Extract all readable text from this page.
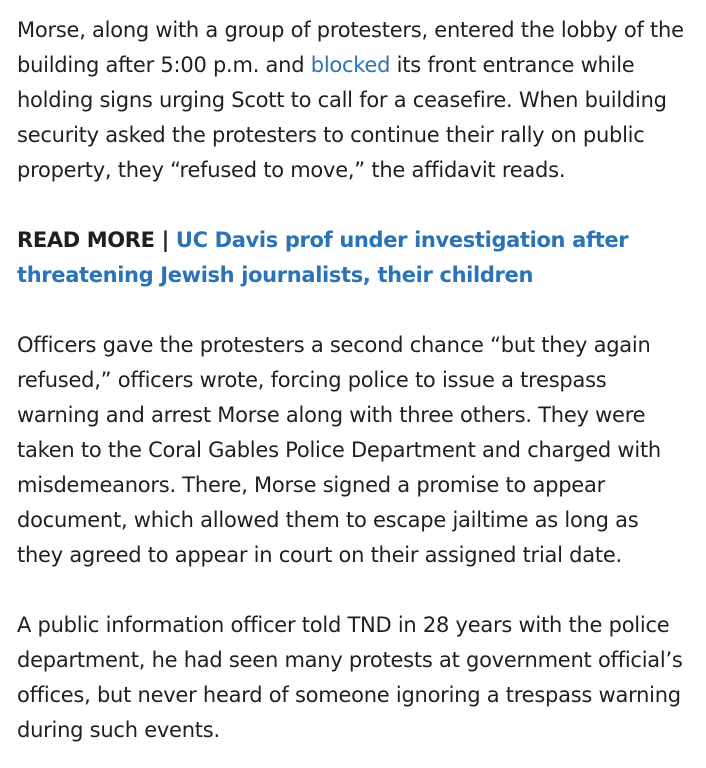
Morse, along with a group of protesters, entered the lobby of the building after 5:00 p.m. and blocked its front entrance while holding signs urging Scott to call for a ceasefire. When building security asked the protesters to continue their rally on public property, they “refused to move,” the affidavit reads.

READ MORE | UC Davis prof under investigation after threatening Jewish journalists, their children

Officers gave the protesters a second chance “but they again refused,” officers wrote, forcing police to issue a trespass warning and arrest Morse along with three others. They were taken to the Coral Gables Police Department and charged with misdemeanors. There, Morse signed a promise to appear document, which allowed them to escape jailtime as long as they agreed to appear in court on their assigned trial date.

A public information officer told TND in 28 years with the police department, he had seen many protests at government official’s offices, but never heard of someone ignoring a trespass warning during such events.
